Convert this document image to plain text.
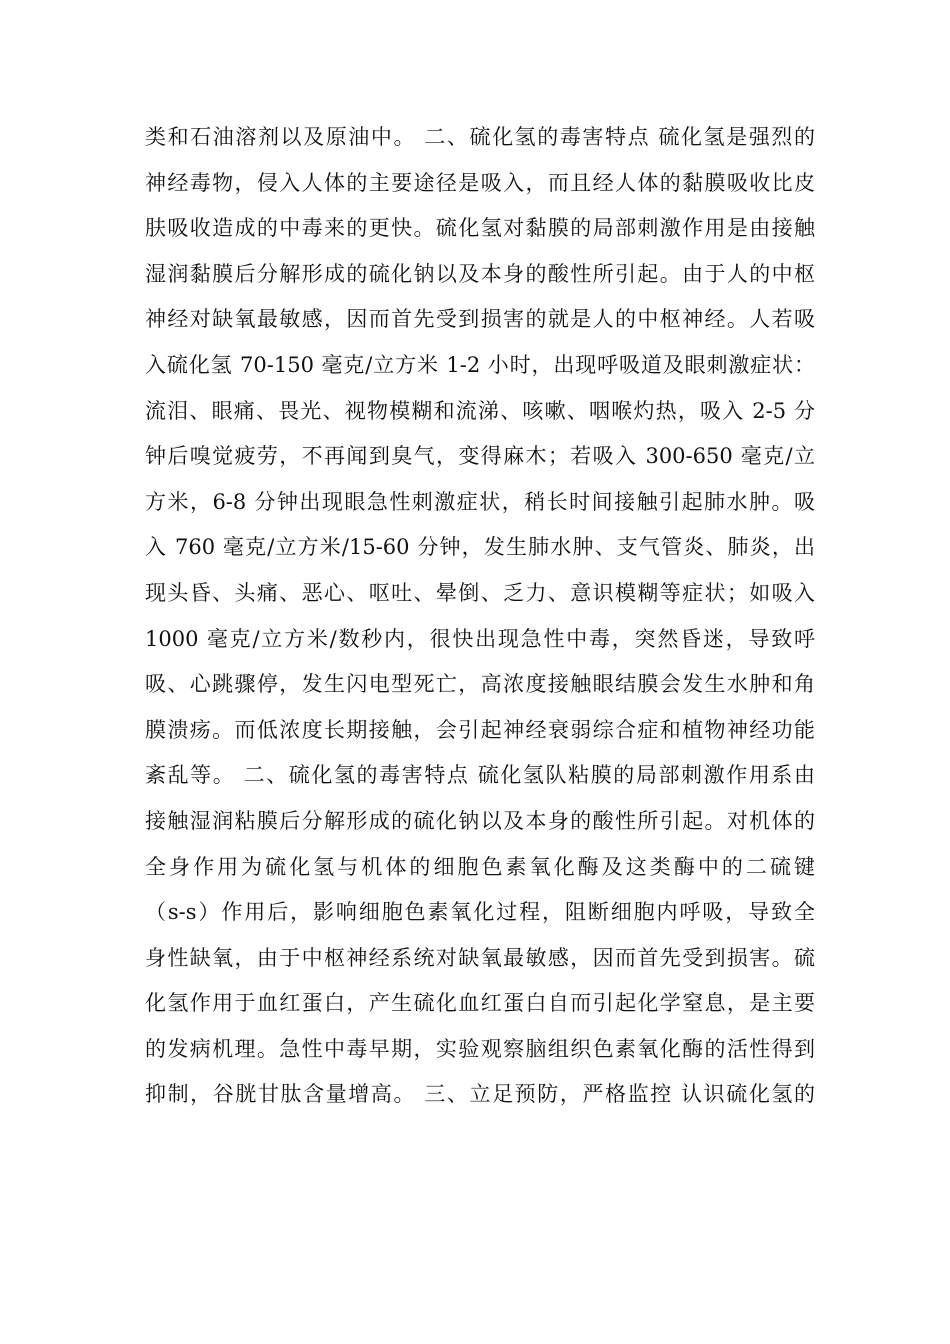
类和石油溶剂以及原油中。 二、硫化氢的毒害特点 硫化氢是强烈的
神经毒物，侵入人体的主要途径是吸入，而且经人体的黏膜吸收比皮
肤吸收造成的中毒来的更快。硫化氢对黏膜的局部刺激作用是由接触
湿润黏膜后分解形成的硫化钠以及本身的酸性所引起。由于人的中枢
神经对缺氧最敏感，因而首先受到损害的就是人的中枢神经。人若吸
入硫化氢 70-150 毫克/立方米 1-2 小时，出现呼吸道及眼刺激症状：
流泪、眼痛、畏光、视物模糊和流涕、咳嗽、咽喉灼热，吸入 2-5 分
钟后嗅觉疲劳，不再闻到臭气，变得麻木；若吸入 300-650 毫克/立
方米，6-8 分钟出现眼急性刺激症状，稍长时间接触引起肺水肿。吸
入 760 毫克/立方米/15-60 分钟，发生肺水肿、支气管炎、肺炎，出
现头昏、头痛、恶心、呕吐、晕倒、乏力、意识模糊等症状；如吸入
1000 毫克/立方米/数秒内，很快出现急性中毒，突然昏迷，导致呼
吸、心跳骤停，发生闪电型死亡，高浓度接触眼结膜会发生水肿和角
膜溃疡。而低浓度长期接触，会引起神经衰弱综合症和植物神经功能
紊乱等。 二、硫化氢的毒害特点 硫化氢队粘膜的局部刺激作用系由
接触湿润粘膜后分解形成的硫化钠以及本身的酸性所引起。对机体的
全身作用为硫化氢与机体的细胞色素氧化酶及这类酶中的二硫键
（s-s）作用后，影响细胞色素氧化过程，阻断细胞内呼吸，导致全
身性缺氧，由于中枢神经系统对缺氧最敏感，因而首先受到损害。硫
化氢作用于血红蛋白，产生硫化血红蛋白自而引起化学窒息，是主要
的发病机理。急性中毒早期，实验观察脑组织色素氧化酶的活性得到
抑制，谷胱甘肽含量增高。 三、立足预防，严格监控 认识硫化氢的
